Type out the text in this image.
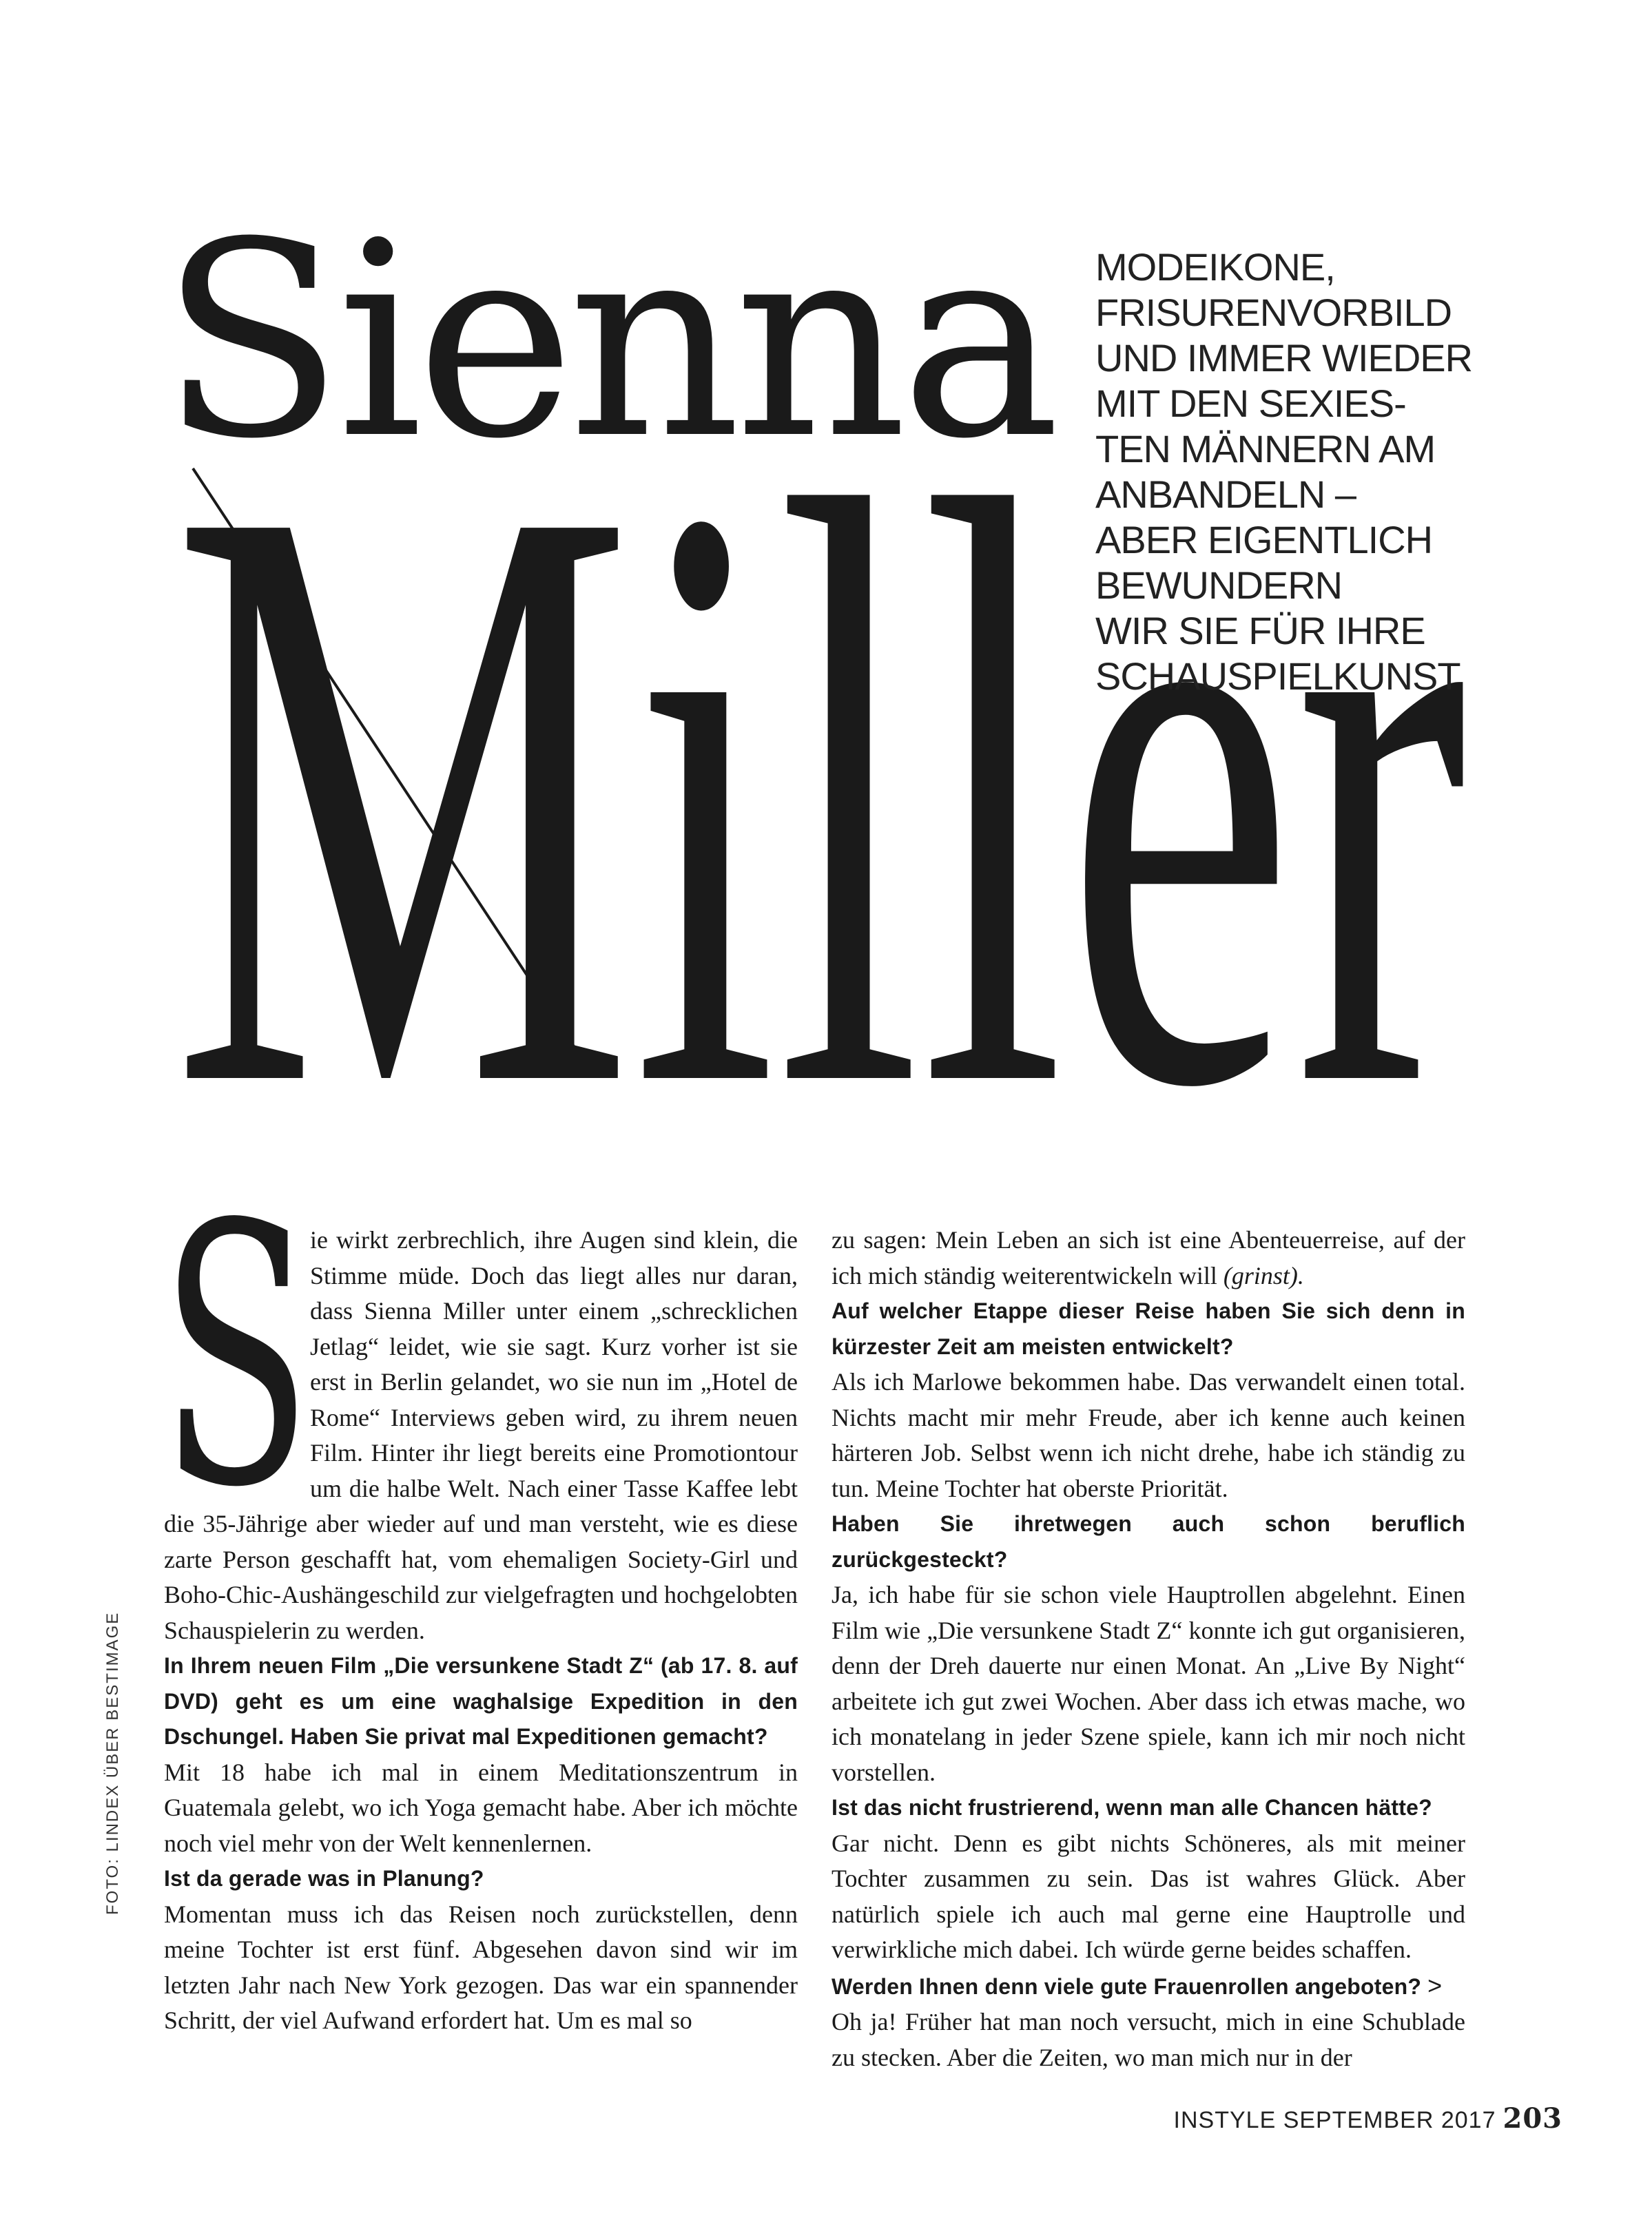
Sienna
Miller

MODEIKONE,
FRISURENVORBILD
UND IMMER WIEDER
MIT DEN SEXIES-
TEN MÄNNERN AM
ANBANDELN –
ABER EIGENTLICH
BEWUNDERN
WIR SIE FÜR IHRE
SCHAUSPIELKUNST

S

ie wirkt zerbrechlich, ihre Augen sind klein, die Stimme müde. Doch das liegt alles nur daran, dass Sienna Miller unter einem „schrecklichen Jetlag“ leidet, wie sie sagt. Kurz vorher ist sie erst in Berlin gelandet, wo sie nun im „Hotel de Rome“ Interviews geben wird, zu ihrem neuen Film. Hinter ihr liegt bereits eine Promotiontour um die halbe Welt. Nach einer Tasse Kaffee lebt die 35-Jährige aber wieder auf und man versteht, wie es diese zarte Person geschafft hat, vom ehemaligen Society-Girl und Boho-Chic-Aushängeschild zur vielgefragten und hochgelobten Schauspielerin zu werden.

In Ihrem neuen Film „Die versunkene Stadt Z“ (ab 17. 8. auf DVD) geht es um eine waghalsige Expedition in den Dschungel. Haben Sie privat mal Expeditionen gemacht?

Mit 18 habe ich mal in einem Meditationszentrum in Guatemala gelebt, wo ich Yoga gemacht habe. Aber ich möchte noch viel mehr von der Welt kennenlernen.

Ist da gerade was in Planung?

Momentan muss ich das Reisen noch zurückstellen, denn meine Tochter ist erst fünf. Abgesehen davon sind wir im letzten Jahr nach New York gezogen. Das war ein spannender Schritt, der viel Aufwand erfordert hat. Um es mal so

zu sagen: Mein Leben an sich ist eine Abenteuerreise, auf der ich mich ständig weiterentwickeln will (grinst).

Auf welcher Etappe dieser Reise haben Sie sich denn in kürzester Zeit am meisten entwickelt?

Als ich Marlowe bekommen habe. Das verwandelt einen total. Nichts macht mir mehr Freude, aber ich kenne auch keinen härteren Job. Selbst wenn ich nicht drehe, habe ich ständig zu tun. Meine Tochter hat oberste Priorität.

Haben Sie ihretwegen auch schon beruflich zurückgesteckt?

Ja, ich habe für sie schon viele Hauptrollen abgelehnt. Einen Film wie „Die versunkene Stadt Z“ konnte ich gut organisieren, denn der Dreh dauerte nur einen Monat. An „Live By Night“ arbeitete ich gut zwei Wochen. Aber dass ich etwas mache, wo ich monatelang in jeder Szene spiele, kann ich mir noch nicht vorstellen.

Ist das nicht frustrierend, wenn man alle Chancen hätte?

Gar nicht. Denn es gibt nichts Schöneres, als mit meiner Tochter zusammen zu sein. Das ist wahres Glück. Aber natürlich spiele ich auch mal gerne eine Hauptrolle und verwirkliche mich dabei. Ich würde gerne beides schaffen.

Werden Ihnen denn viele gute Frauenrollen angeboten? >

Oh ja! Früher hat man noch versucht, mich in eine Schublade zu stecken. Aber die Zeiten, wo man mich nur in der

FOTO: LINDEX ÜBER BESTIMAGE
INSTYLE SEPTEMBER 2017 203
